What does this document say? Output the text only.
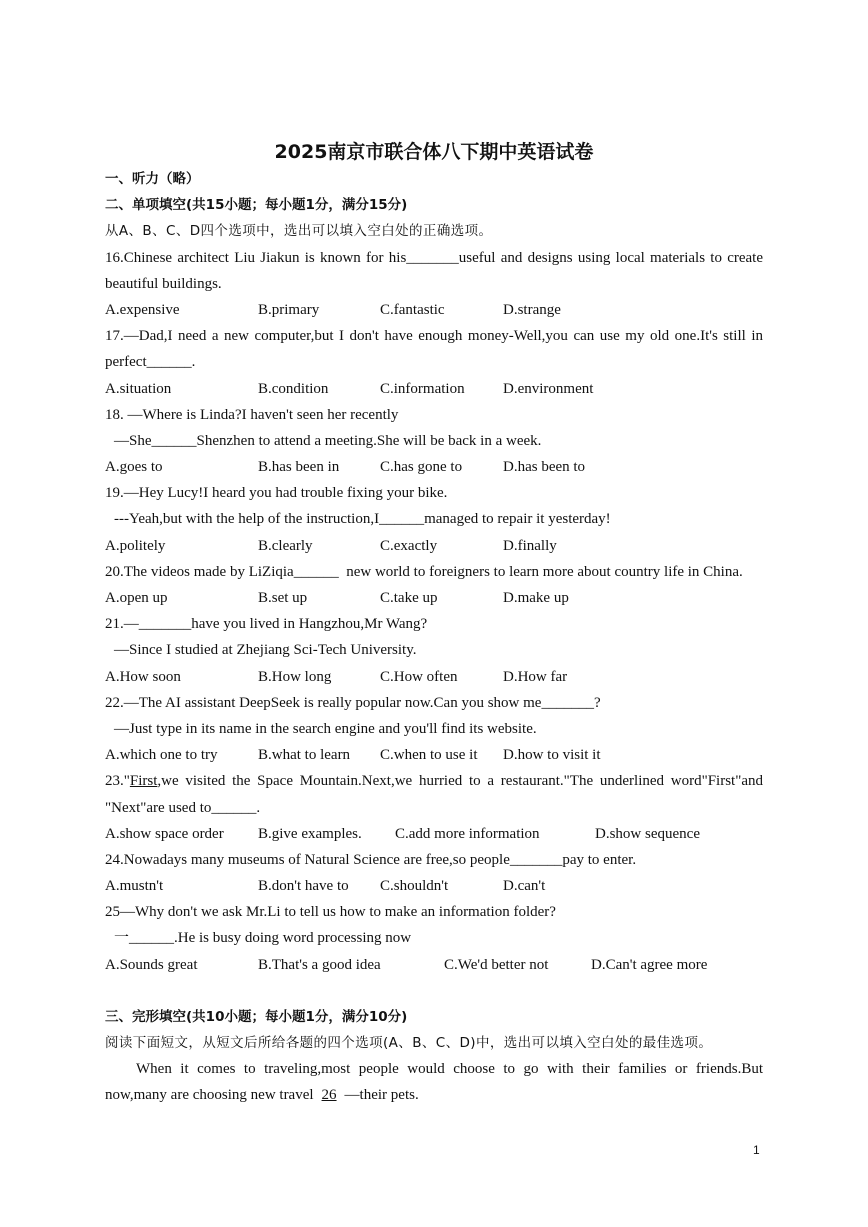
2025南京市联合体八下期中英语试卷
一、听力（略）
二、单项填空(共15小题；每小题1分，满分15分)
从A、B、C、D四个选项中，选出可以填入空白处的正确选项。
16.Chinese architect Liu Jiakun is known for his_______useful and designs using local materials to create
beautiful buildings.
A.expensive	B.primary	C.fantastic	D.strange
17.—Dad,I need a new computer,but I don't have enough money-Well,you can use my old one.It's still in
perfect______.
A.situation	B.condition	C.information	D.environment
18. —Where is Linda?I haven't seen her recently
—She______Shenzhen to attend a meeting.She will be back in a week.
A.goes to	B.has been in	C.has gone to	D.has been to
19.—Hey Lucy!I heard you had trouble fixing your bike.
---Yeah,but with the help of the instruction,I______managed to repair it yesterday!
A.politely	B.clearly	C.exactly	D.finally
20.The videos made by LiZiqia______  new world to foreigners to learn more about country life in China.
A.open up	B.set up	C.take up	D.make up
21.—_______have you lived in Hangzhou,Mr Wang?
—Since I studied at Zhejiang Sci-Tech University.
A.How soon	B.How long	C.How often	D.How far
22.—The AI assistant DeepSeek is really popular now.Can you show me_______?
—Just type in its name in the search engine and you'll find its website.
A.which one to try	B.what to learn C.when to use it D.how to visit it
23."First,we visited the Space Mountain.Next,we hurried to a restaurant."The underlined word"First"and
"Next"are used to______.
A.show space order B.give examples. C.add more information	D.show sequence
24.Nowadays many museums of Natural Science are free,so people_______pay to enter.
A.mustn't	B.don't have to C.shouldn't	D.can't
25—Why don't we ask Mr.Li to tell us how to make an information folder?
一______.He is busy doing word processing now
A.Sounds great	B.That's a good idea	C.We'd better not	D.Can't agree more
三、完形填空(共10小题；每小题1分，满分10分)
阅读下面短文，从短文后所给各题的四个选项(A、B、C、D)中，选出可以填入空白处的最佳选项。
When it comes to traveling,most people would choose to go with their families or friends.But
now,many are choosing new travel 26 —their pets.
1
